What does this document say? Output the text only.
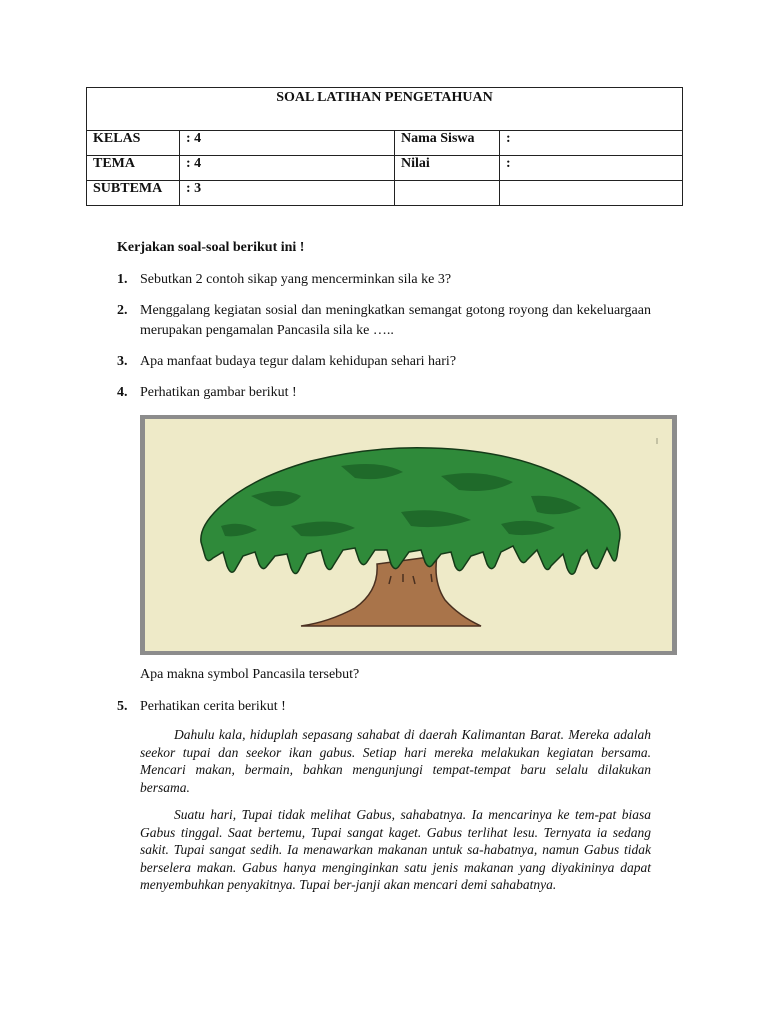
SOAL LATIHAN PENGETAHUAN			
KELAS	: 4	Nama Siswa	:
TEMA	: 4	Nilai	:
SUBTEMA	: 3		
Kerjakan soal-soal berikut ini !
1. Sebutkan 2 contoh sikap yang mencerminkan sila ke 3?
2. Menggalang kegiatan sosial dan meningkatkan semangat gotong royong dan kekeluargaan merupakan pengamalan Pancasila sila ke …..
3. Apa manfaat budaya tegur dalam kehidupan sehari hari?
4. Perhatikan gambar berikut !
Apa makna symbol Pancasila tersebut?
5. Perhatikan cerita berikut !

Dahulu kala, hiduplah sepasang sahabat di daerah Kalimantan Barat. Mereka adalah seekor tupai dan seekor ikan gabus. Setiap hari mereka melakukan kegiatan bersama. Mencari makan, bermain, bahkan mengunjungi tempat-tempat baru selalu dilakukan bersama.

Suatu hari, Tupai tidak melihat Gabus, sahabatnya. Ia mencarinya ke tem-pat biasa Gabus tinggal. Saat bertemu, Tupai sangat kaget. Gabus terlihat lesu. Ternyata ia sedang sakit. Tupai sangat sedih. Ia menawarkan makanan untuk sa-habatnya, namun Gabus tidak berselera makan. Gabus hanya menginginkan satu jenis makanan yang diyakininya dapat menyembuhkan penyakitnya. Tupai ber-janji akan mencari demi sahabatnya.
